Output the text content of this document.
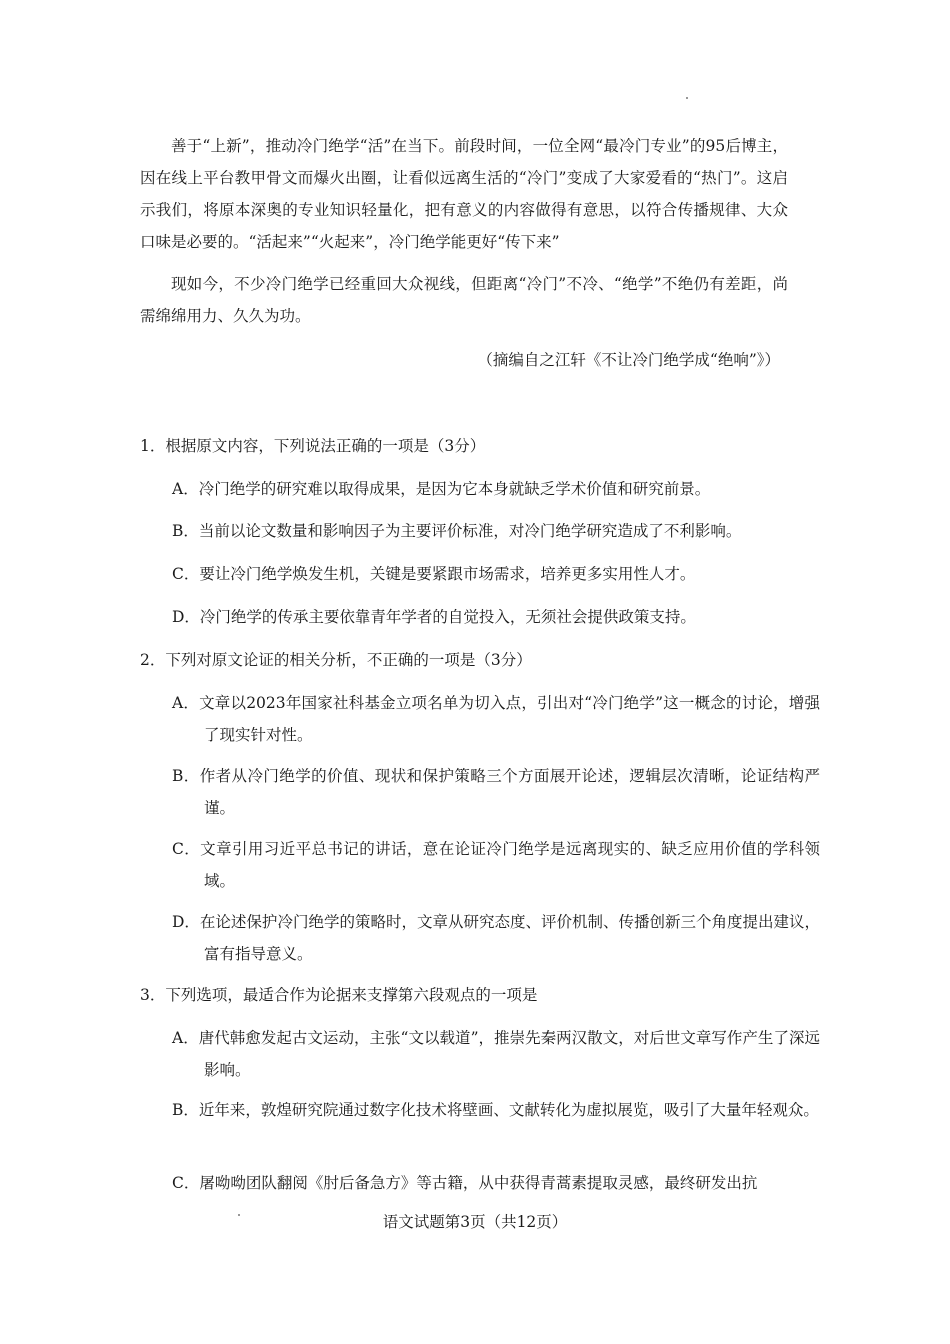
善于“上新”，推动冷门绝学“活”在当下。前段时间，一位全网“最冷门专业”的95后博主，因在线上平台教甲骨文而爆火出圈，让看似远离生活的“冷门”变成了大家爱看的“热门”。这启示我们，将原本深奥的专业知识轻量化，把有意义的内容做得有意思，以符合传播规律、大众口味是必要的。“活起来”“火起来”，冷门绝学能更好“传下来”

现如今，不少冷门绝学已经重回大众视线，但距离“冷门”不冷、“绝学”不绝仍有差距，尚需绵绵用力、久久为功。

（摘编自之江轩《不让冷门绝学成“绝响”》）

1．根据原文内容，下列说法正确的一项是（3分）

A．冷门绝学的研究难以取得成果，是因为它本身就缺乏学术价值和研究前景。

B．当前以论文数量和影响因子为主要评价标准，对冷门绝学研究造成了不利影响。

C．要让冷门绝学焕发生机，关键是要紧跟市场需求，培养更多实用性人才。

D．冷门绝学的传承主要依靠青年学者的自觉投入，无须社会提供政策支持。

2．下列对原文论证的相关分析，不正确的一项是（3分）

A．文章以2023年国家社科基金立项名单为切入点，引出对“冷门绝学”这一概念的讨论，增强了现实针对性。

B．作者从冷门绝学的价值、现状和保护策略三个方面展开论述，逻辑层次清晰，论证结构严谨。

C．文章引用习近平总书记的讲话，意在论证冷门绝学是远离现实的、缺乏应用价值的学科领域。

D．在论述保护冷门绝学的策略时，文章从研究态度、评价机制、传播创新三个角度提出建议，富有指导意义。

3．下列选项，最适合作为论据来支撑第六段观点的一项是

A．唐代韩愈发起古文运动，主张“文以载道”，推崇先秦两汉散文，对后世文章写作产生了深远影响。

B．近年来，敦煌研究院通过数字化技术将壁画、文献转化为虚拟展览，吸引了大量年轻观众。

C．屠呦呦团队翻阅《肘后备急方》等古籍，从中获得青蒿素提取灵感，最终研发出抗

语文试题第3页（共12页）
